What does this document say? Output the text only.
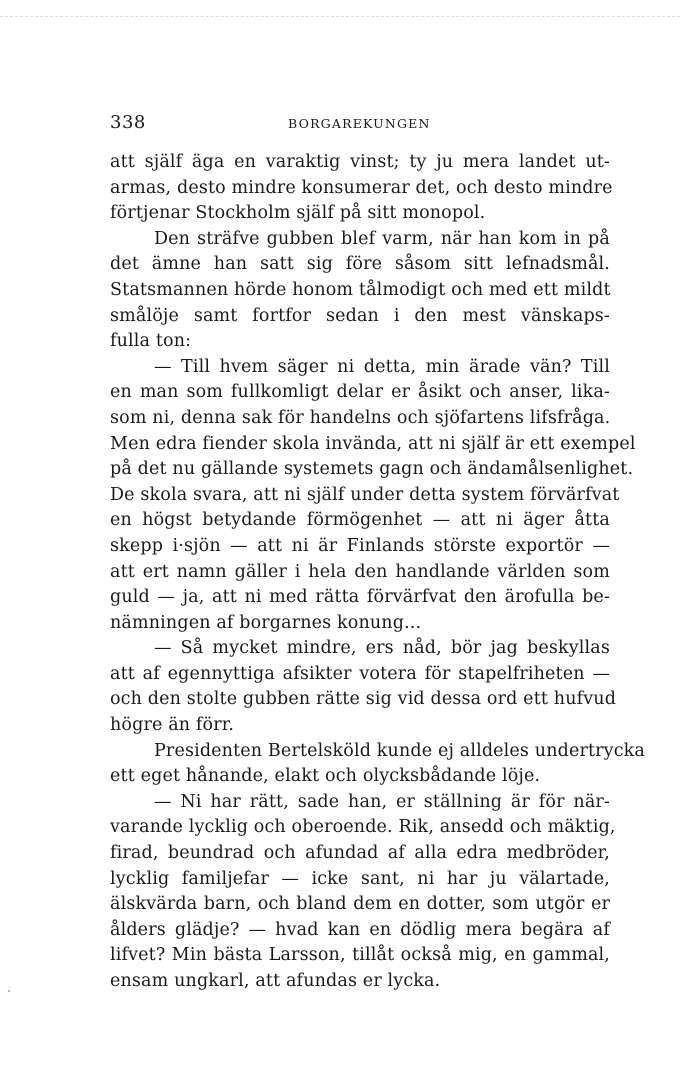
338	BORGAREKUNGEN
att själf äga en varaktig vinst; ty ju mera landet ut-
armas, desto mindre konsumerar det, och desto mindre
förtjenar Stockholm själf på sitt monopol.
Den sträfve gubben blef varm, när han kom in på
det ämne han satt sig före såsom sitt lefnadsmål.
Statsmannen hörde honom tålmodigt och med ett mildt
smålöje samt fortfor sedan i den mest vänskaps-
fulla ton:
— Till hvem säger ni detta, min ärade vän? Till
en man som fullkomligt delar er åsikt och anser, lika-
som ni, denna sak för handelns och sjöfartens lifsfråga.
Men edra fiender skola invända, att ni själf är ett exempel
på det nu gällande systemets gagn och ändamålsenlighet.
De skola svara, att ni själf under detta system förvärfvat
en högst betydande förmögenhet — att ni äger åtta
skepp i·sjön — att ni är Finlands störste exportör —
att ert namn gäller i hela den handlande världen som
guld — ja, att ni med rätta förvärfvat den ärofulla be-
nämningen af borgarnes konung...
— Så mycket mindre, ers nåd, bör jag beskyllas
att af egennyttiga afsikter votera för stapelfriheten —
och den stolte gubben rätte sig vid dessa ord ett hufvud
högre än förr.
Presidenten Bertelsköld kunde ej alldeles undertrycka
ett eget hånande, elakt och olycksbådande löje.
— Ni har rätt, sade han, er ställning är för när-
varande lycklig och oberoende. Rik, ansedd och mäktig,
firad, beundrad och afundad af alla edra medbröder,
lycklig familjefar — icke sant, ni har ju välartade,
älskvärda barn, och bland dem en dotter, som utgör er
ålders glädje? — hvad kan en dödlig mera begära af
lifvet? Min bästa Larsson, tillåt också mig, en gammal,
ensam ungkarl, att afundas er lycka.
